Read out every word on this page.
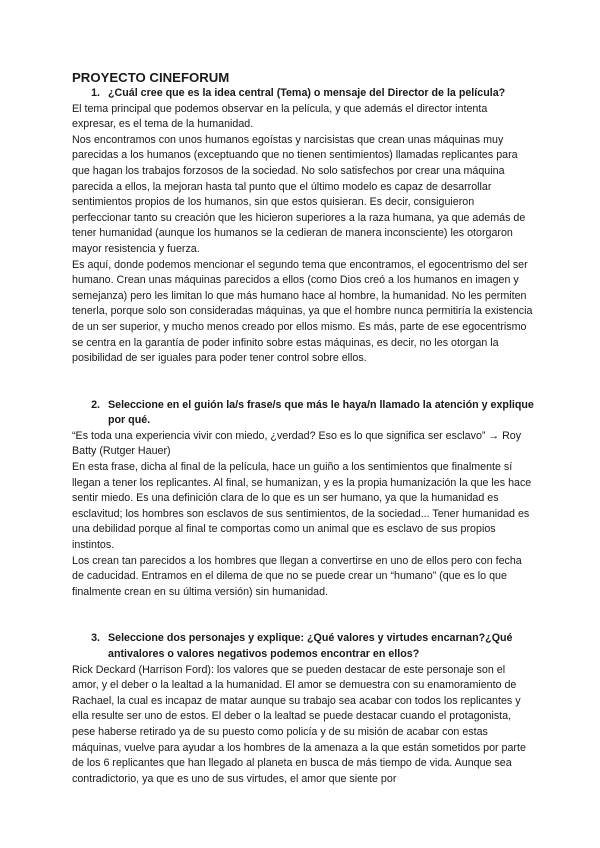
PROYECTO CINEFORUM
1. ¿Cuál cree que es la idea central (Tema) o mensaje del Director de la película?

El tema principal que podemos observar en la película, y que además el director intenta expresar, es el tema de la humanidad.

Nos encontramos con unos humanos egoístas y narcisistas que crean unas máquinas muy parecidas a los humanos (exceptuando que no tienen sentimientos) llamadas replicantes para que hagan los trabajos forzosos de la sociedad. No solo satisfechos por crear una máquina parecida a ellos, la mejoran hasta tal punto que el último modelo es capaz de desarrollar sentimientos propios de los humanos, sin que estos quisieran. Es decir, consiguieron perfeccionar tanto su creación que les hicieron superiores a la raza humana, ya que además de tener humanidad (aunque los humanos se la cedieran de manera inconsciente) les otorgaron mayor resistencia y fuerza.

Es aquí, donde podemos mencionar el segundo tema que encontramos, el egocentrismo del ser humano. Crean unas máquinas parecidos a ellos (como Dios creó a los humanos en imagen y semejanza) pero les limitan lo que más humano hace al hombre, la humanidad. No les permiten tenerla, porque solo son consideradas máquinas, ya que el hombre nunca permitiría la existencia de un ser superior, y mucho menos creado por ellos mismo. Es más, parte de ese egocentrismo se centra en la garantía de poder infinito sobre estas máquinas, es decir, no les otorgan la posibilidad de ser iguales para poder tener control sobre ellos.

2. Seleccione en el guión la/s frase/s que más le haya/n llamado la atención y explique por qué.

“Es toda una experiencia vivir con miedo, ¿verdad? Eso es lo que significa ser esclavo” → Roy Batty (Rutger Hauer)

En esta frase, dicha al final de la película, hace un guiño a los sentimientos que finalmente sí llegan a tener los replicantes. Al final, se humanizan, y es la propia humanización la que les hace sentir miedo. Es una definición clara de lo que es un ser humano, ya que la humanidad es esclavitud; los hombres son esclavos de sus sentimientos, de la sociedad... Tener humanidad es una debilidad porque al final te comportas como un animal que es esclavo de sus propios instintos.

Los crean tan parecidos a los hombres que llegan a convertirse en uno de ellos pero con fecha de caducidad. Entramos en el dilema de que no se puede crear un “humano” (que es lo que finalmente crean en su última versión) sin humanidad.

3. Seleccione dos personajes y explique: ¿Qué valores y virtudes encarnan?¿Qué antivalores o valores negativos podemos encontrar en ellos?

Rick Deckard (Harrison Ford): los valores que se pueden destacar de este personaje son el amor, y el deber o la lealtad a la humanidad. El amor se demuestra con su enamoramiento de Rachael, la cual es incapaz de matar aunque su trabajo sea acabar con todos los replicantes y ella resulte ser uno de estos. El deber o la lealtad se puede destacar cuando el protagonista, pese haberse retirado ya de su puesto como policía y de su misión de acabar con estas máquinas, vuelve para ayudar a los hombres de la amenaza a la que están sometidos por parte de los 6 replicantes que han llegado al planeta en busca de más tiempo de vida. Aunque sea contradictorio, ya que es uno de sus virtudes, el amor que siente por
